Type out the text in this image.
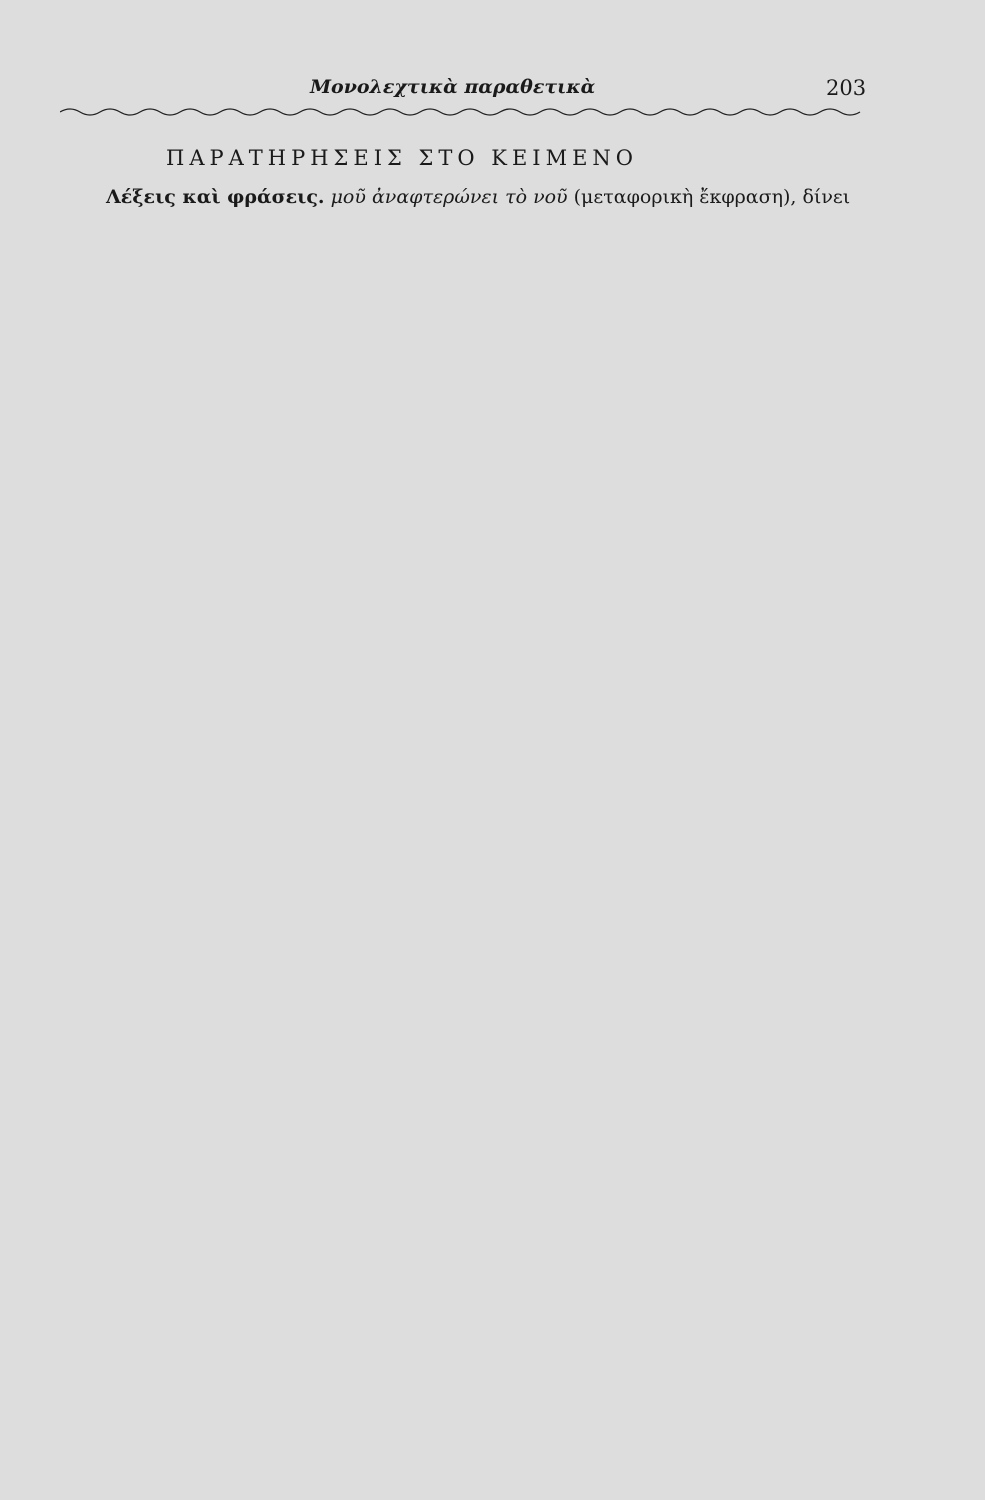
Μονολεχτικὰ παραθετικὰ	203
ΠΑΡΑΤΗΡΗΣΕΙΣ ΣΤΟ ΚΕΙΜΕΝΟ
Λέξεις καὶ φράσεις. μοῦ ἀναφτερώνει τὸ νοῦ (μεταφορικὴ ἔκφραση), δίνει
